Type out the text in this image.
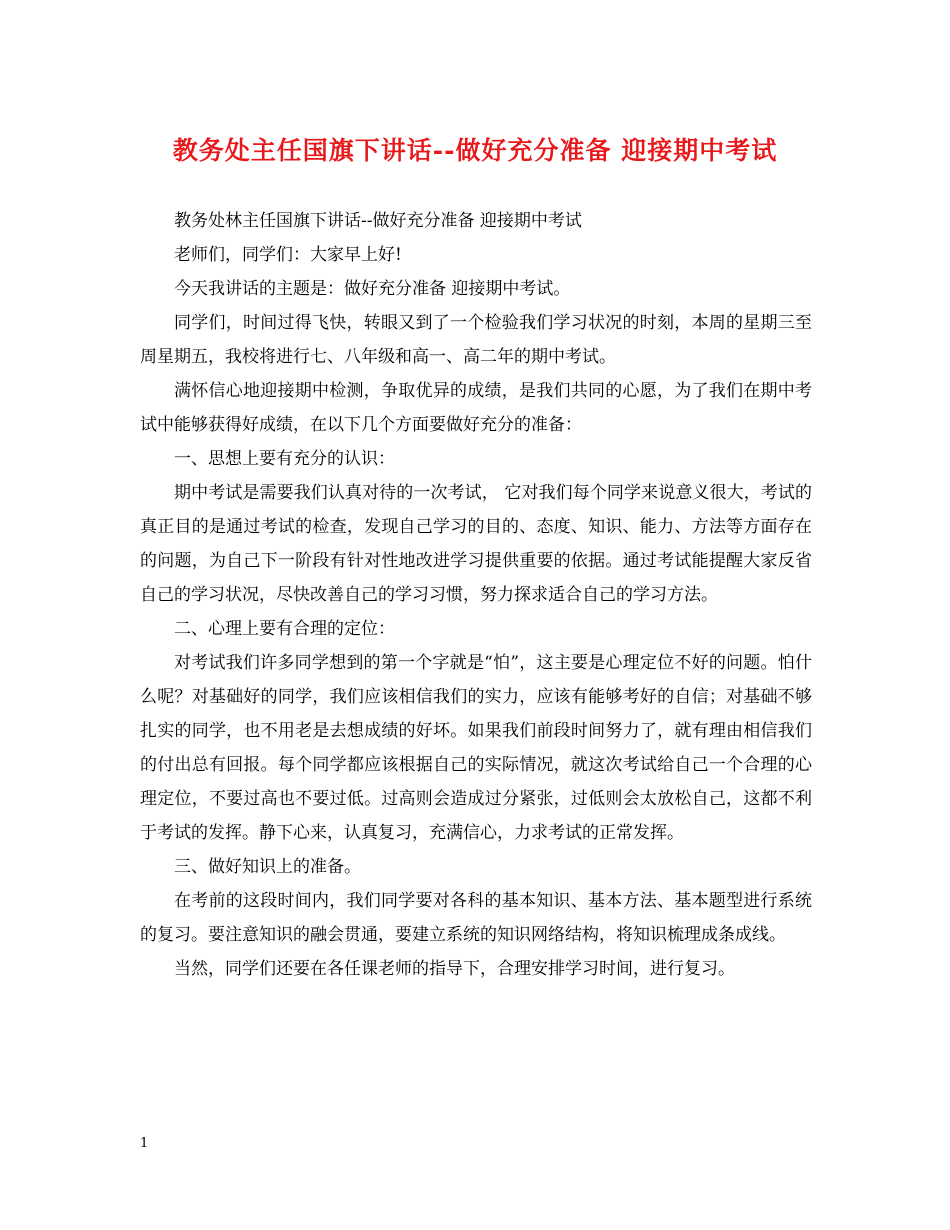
教务处主任国旗下讲话--做好充分准备 迎接期中考试

教务处林主任国旗下讲话--做好充分准备 迎接期中考试

老师们，同学们：大家早上好!

今天我讲话的主题是：做好充分准备 迎接期中考试。

同学们，时间过得飞快，转眼又到了一个检验我们学习状况的时刻，本周的星期三至周星期五，我校将进行七、八年级和高一、高二年的期中考试。

满怀信心地迎接期中检测，争取优异的成绩，是我们共同的心愿，为了我们在期中考试中能够获得好成绩，在以下几个方面要做好充分的准备：

一、思想上要有充分的认识：

期中考试是需要我们认真对待的一次考试， 它对我们每个同学来说意义很大，考试的真正目的是通过考试的检查，发现自己学习的目的、态度、知识、能力、方法等方面存在的问题，为自己下一阶段有针对性地改进学习提供重要的依据。通过考试能提醒大家反省自己的学习状况，尽快改善自己的学习习惯，努力探求适合自己的学习方法。

二、心理上要有合理的定位：

对考试我们许多同学想到的第一个字就是“怕”，这主要是心理定位不好的问题。怕什么呢？对基础好的同学，我们应该相信我们的实力，应该有能够考好的自信；对基础不够扎实的同学，也不用老是去想成绩的好坏。如果我们前段时间努力了，就有理由相信我们的付出总有回报。每个同学都应该根据自己的实际情况，就这次考试给自己一个合理的心理定位，不要过高也不要过低。过高则会造成过分紧张，过低则会太放松自己，这都不利于考试的发挥。静下心来，认真复习，充满信心，力求考试的正常发挥。

三、做好知识上的准备。

在考前的这段时间内，我们同学要对各科的基本知识、基本方法、基本题型进行系统的复习。要注意知识的融会贯通，要建立系统的知识网络结构，将知识梳理成条成线。

当然，同学们还要在各任课老师的指导下，合理安排学习时间，进行复习。

1
